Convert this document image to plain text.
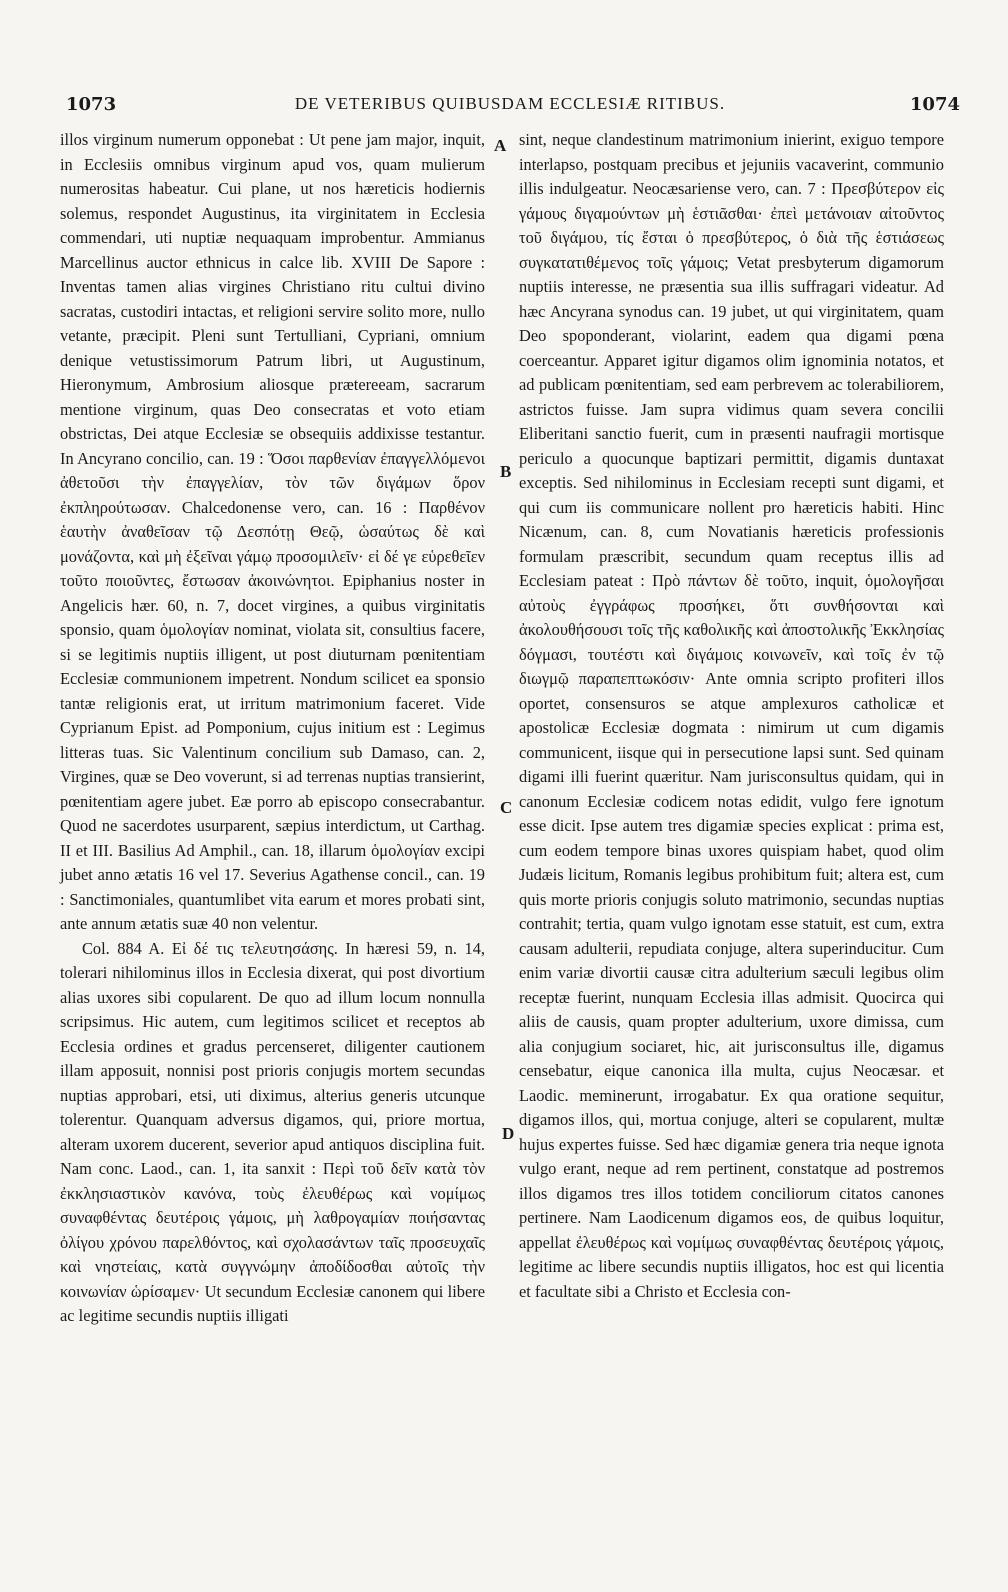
1073	DE VETERIBUS QUIBUSDAM ECCLESIÆ RITIBUS.	1074

illos virginum numerum opponebat : Ut pene jam major, inquit, in Ecclesiis omnibus virginum apud vos, quam mulierum numerositas habeatur. Cui plane, ut nos hæreticis hodiernis solemus, respondet Augustinus, ita virginitatem in Ecclesia commendari, uti nuptiæ nequaquam improbentur. Ammianus Marcellinus auctor ethnicus in calce lib. XVIII De Sapore : Inventas tamen alias virgines Christiano ritu cultui divino sacratas, custodiri intactas, et religioni servire solito more, nullo vetante, præcipit. Pleni sunt Tertulliani, Cypriani, omnium denique vetustissimorum Patrum libri, ut Augustinum, Hieronymum, Ambrosium aliosque prætereeam, sacrarum mentione virginum, quas Deo consecratas et voto etiam obstrictas, Dei atque Ecclesiæ se obsequiis addixisse testantur. In Ancyrano concilio, can. 19 : Ὅσοι παρθενίαν ἐπαγγελλόμενοι ἀθετοῦσι τὴν ἐπαγγελίαν, τὸν τῶν διγάμων ὅρον ἐκπληρούτωσαν. Chalcedonense vero, can. 16 : Παρθένον ἑαυτὴν ἀναθεῖσαν τῷ Δεσπότῃ Θεῷ, ὡσαύτως δὲ καὶ μονάζοντα, καὶ μὴ ἐξεῖναι γάμῳ προσομιλεῖν· εἰ δέ γε εὑρεθεῖεν τοῦτο ποιοῦντες, ἔστωσαν ἀκοινώνητοι. Epiphanius noster in Angelicis hær. 60, n. 7, docet virgines, a quibus virginitatis sponsio, quam ὁμολογίαν nominat, violata sit, consultius facere, si se legitimis nuptiis illigent, ut post diuturnam pœnitentiam Ecclesiæ communionem impetrent. Nondum scilicet ea sponsio tantæ religionis erat, ut irritum matrimonium faceret. Vide Cyprianum Epist. ad Pomponium, cujus initium est : Legimus litteras tuas. Sic Valentinum concilium sub Damaso, can. 2, Virgines, quæ se Deo voverunt, si ad terrenas nuptias transierint, pœnitentiam agere jubet. Eæ porro ab episcopo consecrabantur. Quod ne sacerdotes usurparent, sæpius interdictum, ut Carthag. II et III. Basilius Ad Amphil., can. 18, illarum ὁμολογίαν excipi jubet anno ætatis 16 vel 17. Severius Agathense concil., can. 19 : Sanctimoniales, quantumlibet vita earum et mores probati sint, ante annum ætatis suæ 40 non velentur.

Col. 884 A. Εἰ δέ τις τελευτησάσης. In hæresi 59, n. 14, tolerari nihilominus illos in Ecclesia dixerat, qui post divortium alias uxores sibi copularent. De quo ad illum locum nonnulla scripsimus. Hic autem, cum legitimos scilicet et receptos ab Ecclesia ordines et gradus percenseret, diligenter cautionem illam apposuit, nonnisi post prioris conjugis mortem secundas nuptias approbari, etsi, uti diximus, alterius generis utcunque tolerentur. Quanquam adversus digamos, qui, priore mortua, alteram uxorem ducerent, severior apud antiquos disciplina fuit. Nam conc. Laod., can. 1, ita sanxit : Περὶ τοῦ δεῖν κατὰ τὸν ἐκκλησιαστικὸν κανόνα, τοὺς ἐλευθέρως καὶ νομίμως συναφθέντας δευτέροις γάμοις, μὴ λαθρογαμίαν ποιήσαντας ὀλίγου χρόνου παρελθόντος, καὶ σχολασάντων ταῖς προσευχαῖς καὶ νηστείαις, κατὰ συγγνώμην ἀποδίδοσθαι αὐτοῖς τὴν κοινωνίαν ὡρίσαμεν· Ut secundum Ecclesiæ canonem qui libere ac legitime secundis nuptiis illigati

A
B
C
D

sint, neque clandestinum matrimonium inierint, exiguo tempore interlapso, postquam precibus et jejuniis vacaverint, communio illis indulgeatur. Neocæsariense vero, can. 7 : Πρεσβύτερον εἰς γάμους διγαμούντων μὴ ἑστιᾶσθαι· ἐπεὶ μετάνοιαν αἰτοῦντος τοῦ διγάμου, τίς ἔσται ὁ πρεσβύτερος, ὁ διὰ τῆς ἑστιάσεως συγκατατιθέμενος τοῖς γάμοις; Vetat presbyterum digamorum nuptiis interesse, ne præsentia sua illis suffragari videatur. Ad hæc Ancyrana synodus can. 19 jubet, ut qui virginitatem, quam Deo spoponderant, violarint, eadem qua digami pœna coerceantur. Apparet igitur digamos olim ignominia notatos, et ad publicam pœnitentiam, sed eam perbrevem ac tolerabiliorem, astrictos fuisse. Jam supra vidimus quam severa concilii Eliberitani sanctio fuerit, cum in præsenti naufragii mortisque periculo a quocunque baptizari permittit, digamis duntaxat exceptis. Sed nihilominus in Ecclesiam recepti sunt digami, et qui cum iis communicare nollent pro hæreticis habiti. Hinc Nicænum, can. 8, cum Novatianis hæreticis professionis formulam præscribit, secundum quam receptus illis ad Ecclesiam pateat : Πρὸ πάντων δὲ τοῦτο, inquit, ὁμολογῆσαι αὐτοὺς ἐγγράφως προσήκει, ὅτι συνθήσονται καὶ ἀκολουθήσουσι τοῖς τῆς καθολικῆς καὶ ἀποστολικῆς Ἐκκλησίας δόγμασι, τουτέστι καὶ διγάμοις κοινωνεῖν, καὶ τοῖς ἐν τῷ διωγμῷ παραπεπτωκόσιν· Ante omnia scripto profiteri illos oportet, consensuros se atque amplexuros catholicæ et apostolicæ Ecclesiæ dogmata : nimirum ut cum digamis communicent, iisque qui in persecutione lapsi sunt. Sed quinam digami illi fuerint quæritur. Nam jurisconsultus quidam, qui in canonum Ecclesiæ codicem notas edidit, vulgo fere ignotum esse dicit. Ipse autem tres digamiæ species explicat : prima est, cum eodem tempore binas uxores quispiam habet, quod olim Judæis licitum, Romanis legibus prohibitum fuit; altera est, cum quis morte prioris conjugis soluto matrimonio, secundas nuptias contrahit; tertia, quam vulgo ignotam esse statuit, est cum, extra causam adulterii, repudiata conjuge, altera superinducitur. Cum enim variæ divortii causæ citra adulterium sæculi legibus olim receptæ fuerint, nunquam Ecclesia illas admisit. Quocirca qui aliis de causis, quam propter adulterium, uxore dimissa, cum alia conjugium sociaret, hic, ait jurisconsultus ille, digamus censebatur, eique canonica illa multa, cujus Neocæsar. et Laodic. meminerunt, irrogabatur. Ex qua oratione sequitur, digamos illos, qui, mortua conjuge, alteri se copularent, multæ hujus expertes fuisse. Sed hæc digamiæ genera tria neque ignota vulgo erant, neque ad rem pertinent, constatque ad postremos illos digamos tres illos totidem conciliorum citatos canones pertinere. Nam Laodicenum digamos eos, de quibus loquitur, appellat ἐλευθέρως καὶ νομίμως συναφθέντας δευτέροις γάμοις, legitime ac libere secundis nuptiis illigatos, hoc est qui licentia et facultate sibi a Christo et Ecclesia con-
